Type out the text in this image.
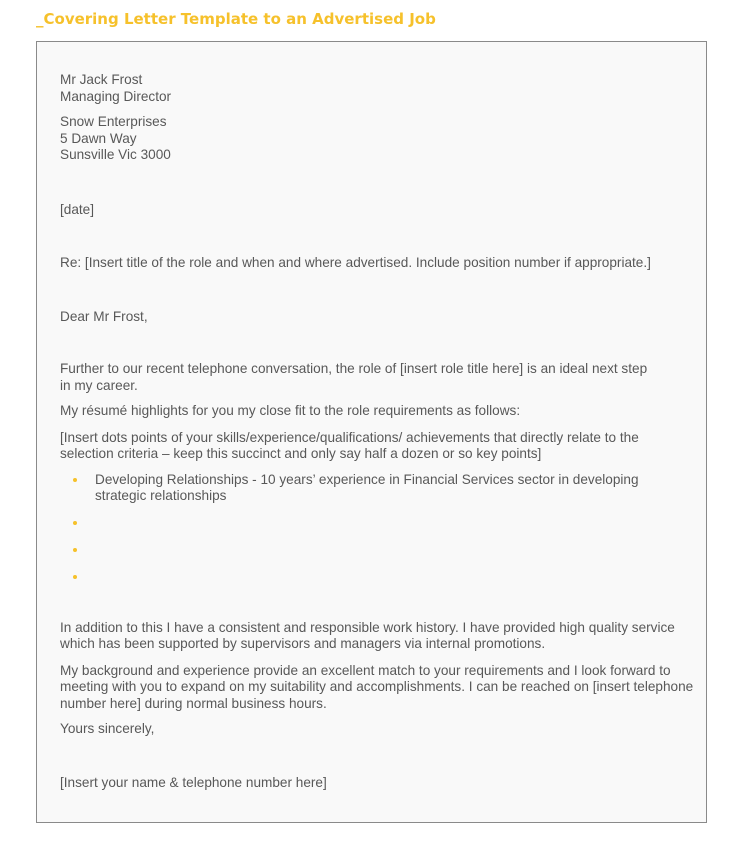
_Covering Letter Template to an Advertised Job
Mr Jack Frost
Managing Director
Snow Enterprises
5 Dawn Way
Sunsville Vic 3000
[date]
Re: [Insert title of the role and when and where advertised. Include position number if appropriate.]
Dear Mr Frost,
Further to our recent telephone conversation, the role of [insert role title here] is an ideal next step
in my career.
My résumé highlights for you my close fit to the role requirements as follows:
[Insert dots points of your skills/experience/qualifications/ achievements that directly relate to the
selection criteria – keep this succinct and only say half a dozen or so key points]
Developing Relationships - 10 years’ experience in Financial Services sector in developing
strategic relationships
In addition to this I have a consistent and responsible work history. I have provided high quality service
which has been supported by supervisors and managers via internal promotions.
My background and experience provide an excellent match to your requirements and I look forward to
meeting with you to expand on my suitability and accomplishments. I can be reached on [insert telephone
number here] during normal business hours.
Yours sincerely,
[Insert your name & telephone number here]
